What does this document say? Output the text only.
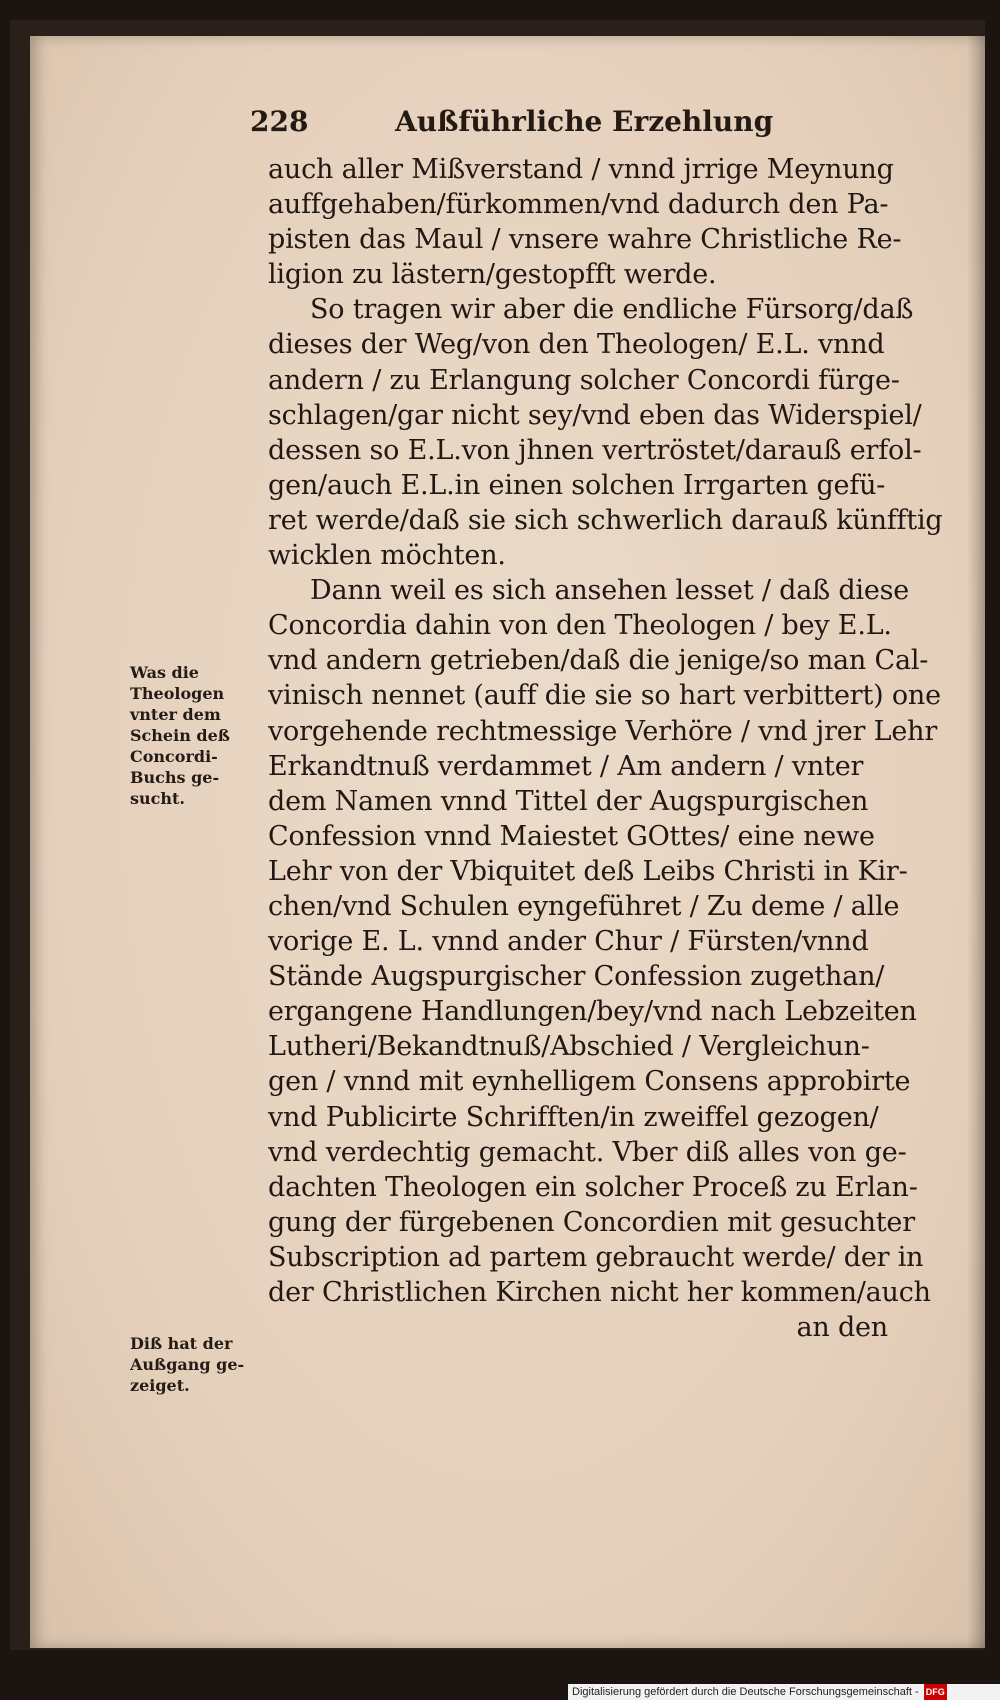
228	Außführliche Erzehlung
auch aller Mißverstand / vnnd jrrige Meynung
auffgehaben/fürkommen/vnd dadurch den Pa-
pisten das Maul / vnsere wahre Christliche Re-
ligion zu lästern/gestopfft werde.
So tragen wir aber die endliche Fürsorg/daß
dieses der Weg/von den Theologen/ E.L. vnnd
andern / zu Erlangung solcher Concordi fürge-
schlagen/gar nicht sey/vnd eben das Widerspiel/
dessen so E.L.von jhnen vertröstet/darauß erfol-
gen/auch E.L.in einen solchen Irrgarten gefü-
ret werde/daß sie sich schwerlich darauß künfftig
wicklen möchten.
Dann weil es sich ansehen lesset / daß diese
Concordia dahin von den Theologen / bey E.L.
vnd andern getrieben/daß die jenige/so man Cal-
vinisch nennet (auff die sie so hart verbittert) one
vorgehende rechtmessige Verhöre / vnd jrer Lehr
Erkandtnuß verdammet / Am andern / vnter
dem Namen vnnd Tittel der Augspurgischen
Confession vnnd Maiestet GOttes/ eine newe
Lehr von der Vbiquitet deß Leibs Christi in Kir-
chen/vnd Schulen eyngeführet / Zu deme / alle
vorige E. L. vnnd ander Chur / Fürsten/vnnd
Stände Augspurgischer Confession zugethan/
ergangene Handlungen/bey/vnd nach Lebzeiten
Lutheri/Bekandtnuß/Abschied / Vergleichun-
gen / vnnd mit eynhelligem Consens approbirte
vnd Publicirte Schrifften/in zweiffel gezogen/
vnd verdechtig gemacht. Vber diß alles von ge-
dachten Theologen ein solcher Proceß zu Erlan-
gung der fürgebenen Concordien mit gesuchter
Subscription ad partem gebraucht werde/ der in
der Christlichen Kirchen nicht her kommen/auch
an den
Was die
Theologen
vnter dem
Schein deß
Concordi-
Buchs ge-
sucht.
Diß hat der
Außgang ge-
zeiget.
Digitalisierung gefördert durch die Deutsche Forschungsgemeinschaft - DFG
